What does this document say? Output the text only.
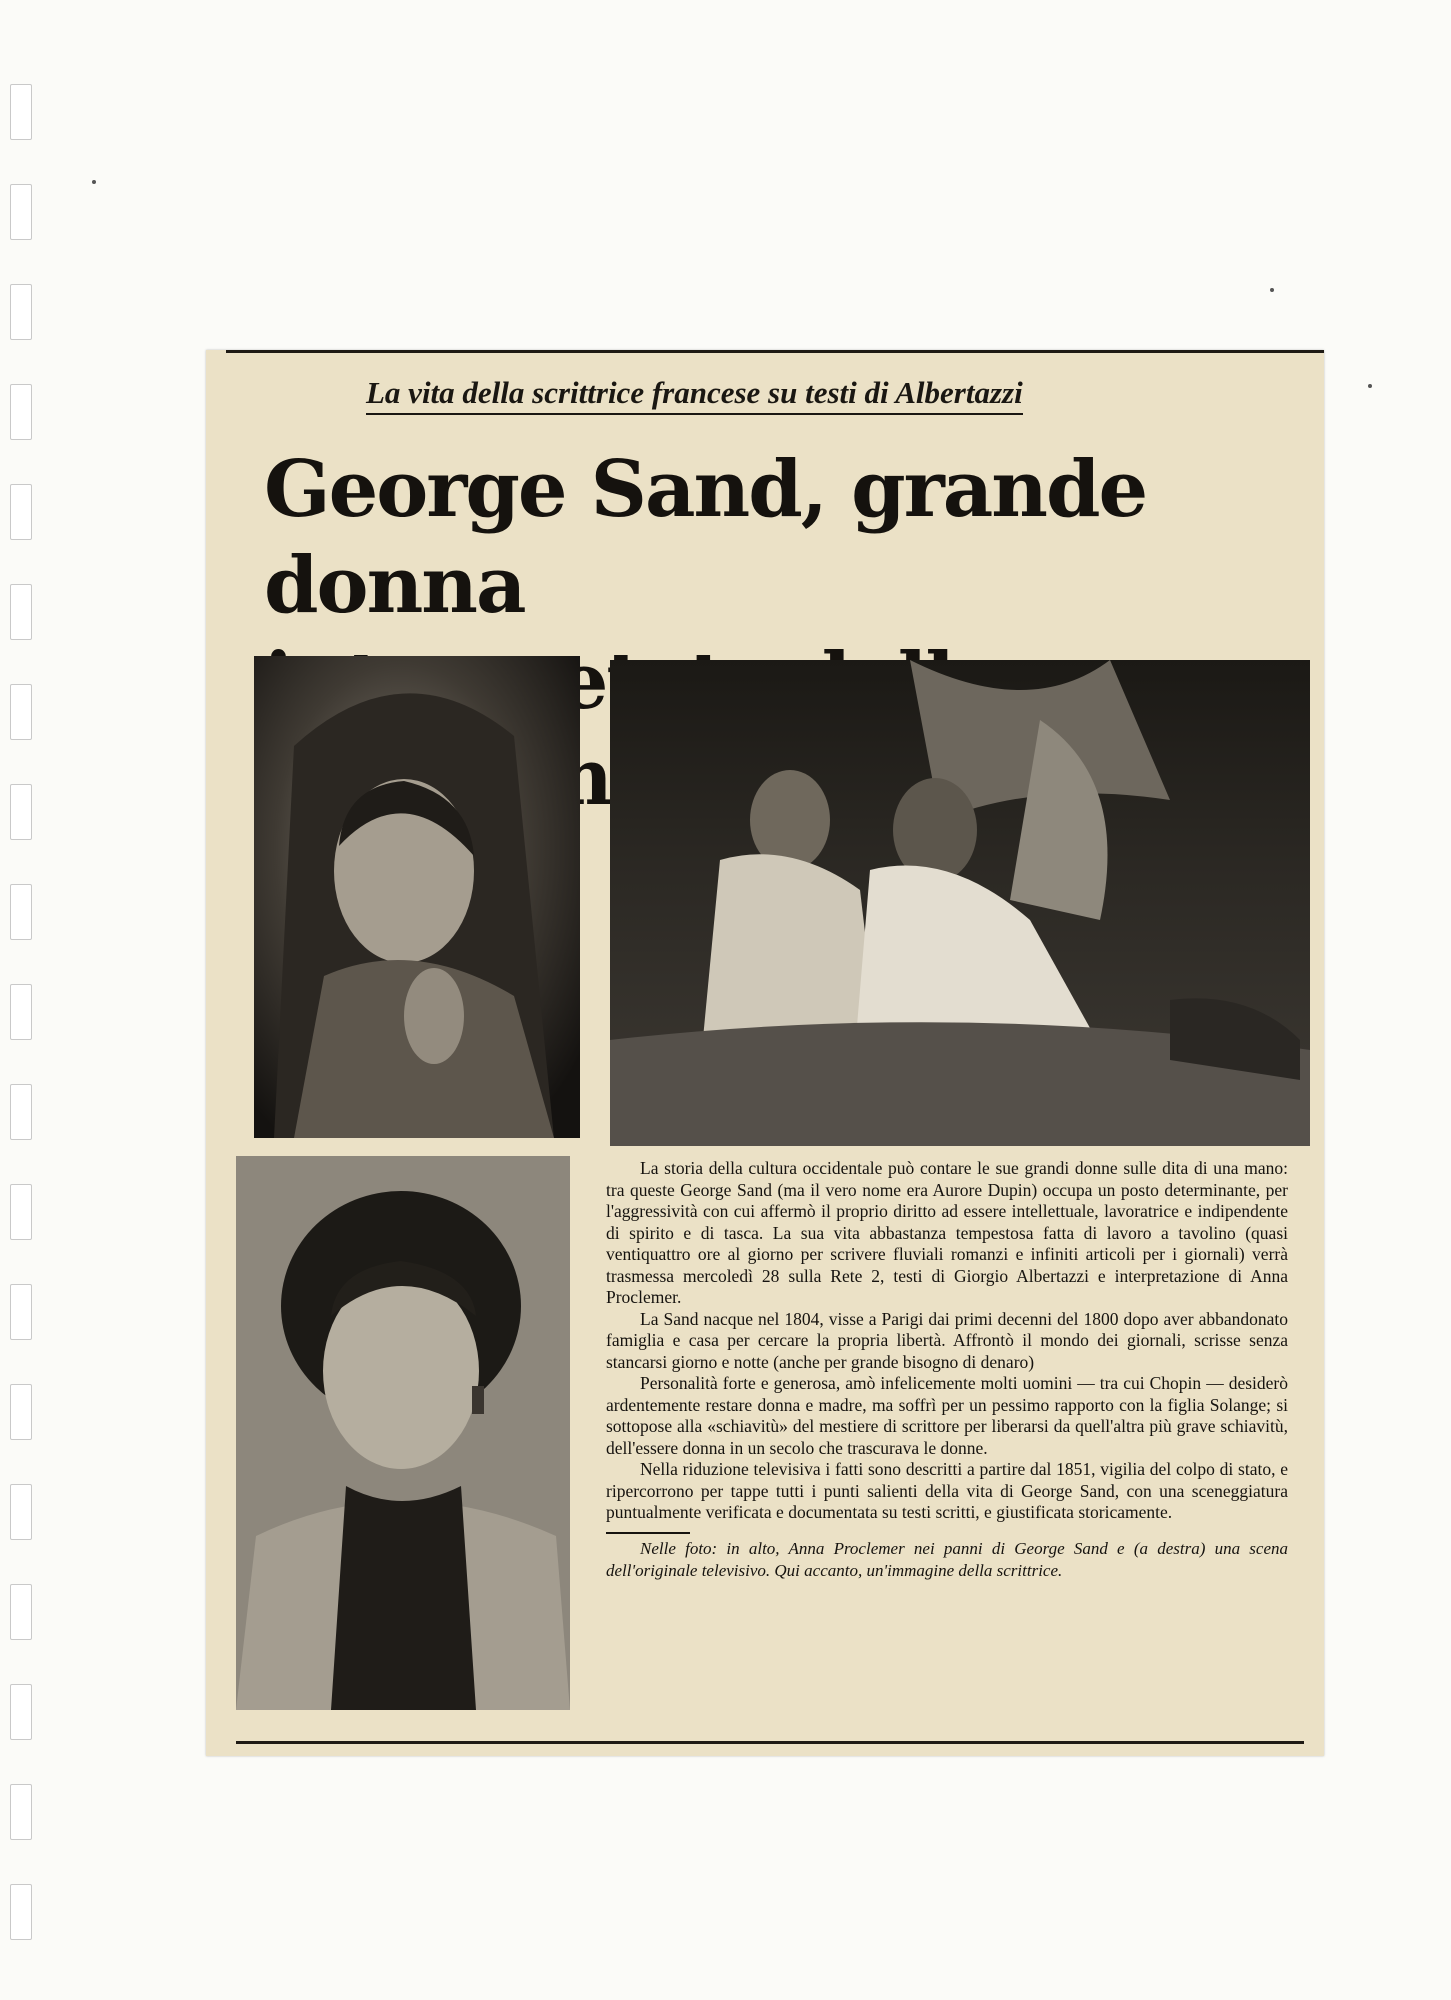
La vita della scrittrice francese su testi di Albertazzi
George Sand, grande donna

La storia della cultura occidentale può contare le sue grandi donne sulle dita di una mano: tra queste George Sand (ma il vero nome era Aurore Dupin) occupa un posto determinante, per l'aggressività con cui affermò il proprio diritto ad essere intellettuale, lavoratrice e indipendente di spirito e di tasca. La sua vita abbastanza tempestosa fatta di lavoro a tavolino (quasi ventiquattro ore al giorno per scrivere fluviali romanzi e infiniti articoli per i giornali) verrà trasmessa mercoledì 28 sulla Rete 2, testi di Giorgio Albertazzi e interpretazione di Anna Proclemer.

La Sand nacque nel 1804, visse a Parigi dai primi decenni del 1800 dopo aver abbandonato famiglia e casa per cercare la propria libertà. Affrontò il mondo dei giornali, scrisse senza stancarsi giorno e notte (anche per grande bisogno di denaro)

Personalità forte e generosa, amò infelicemente molti uomini — tra cui Chopin — desiderò ardentemente restare donna e madre, ma soffrì per un pessimo rapporto con la figlia Solange; si sottopose alla «schiavitù» del mestiere di scrittore per liberarsi da quell'altra più grave schiavitù, dell'essere donna in un secolo che trascurava le donne.

Nella riduzione televisiva i fatti sono descritti a partire dal 1851, vigilia del colpo di stato, e ripercorrono per tappe tutti i punti salienti della vita di George Sand, con una sceneggiatura puntualmente verificata e documentata su testi scritti, e giustificata storicamente.

Nelle foto: in alto, Anna Proclemer nei panni di George Sand e (a destra) una scena dell'originale televisivo. Qui accanto, un'immagine della scrittrice.
